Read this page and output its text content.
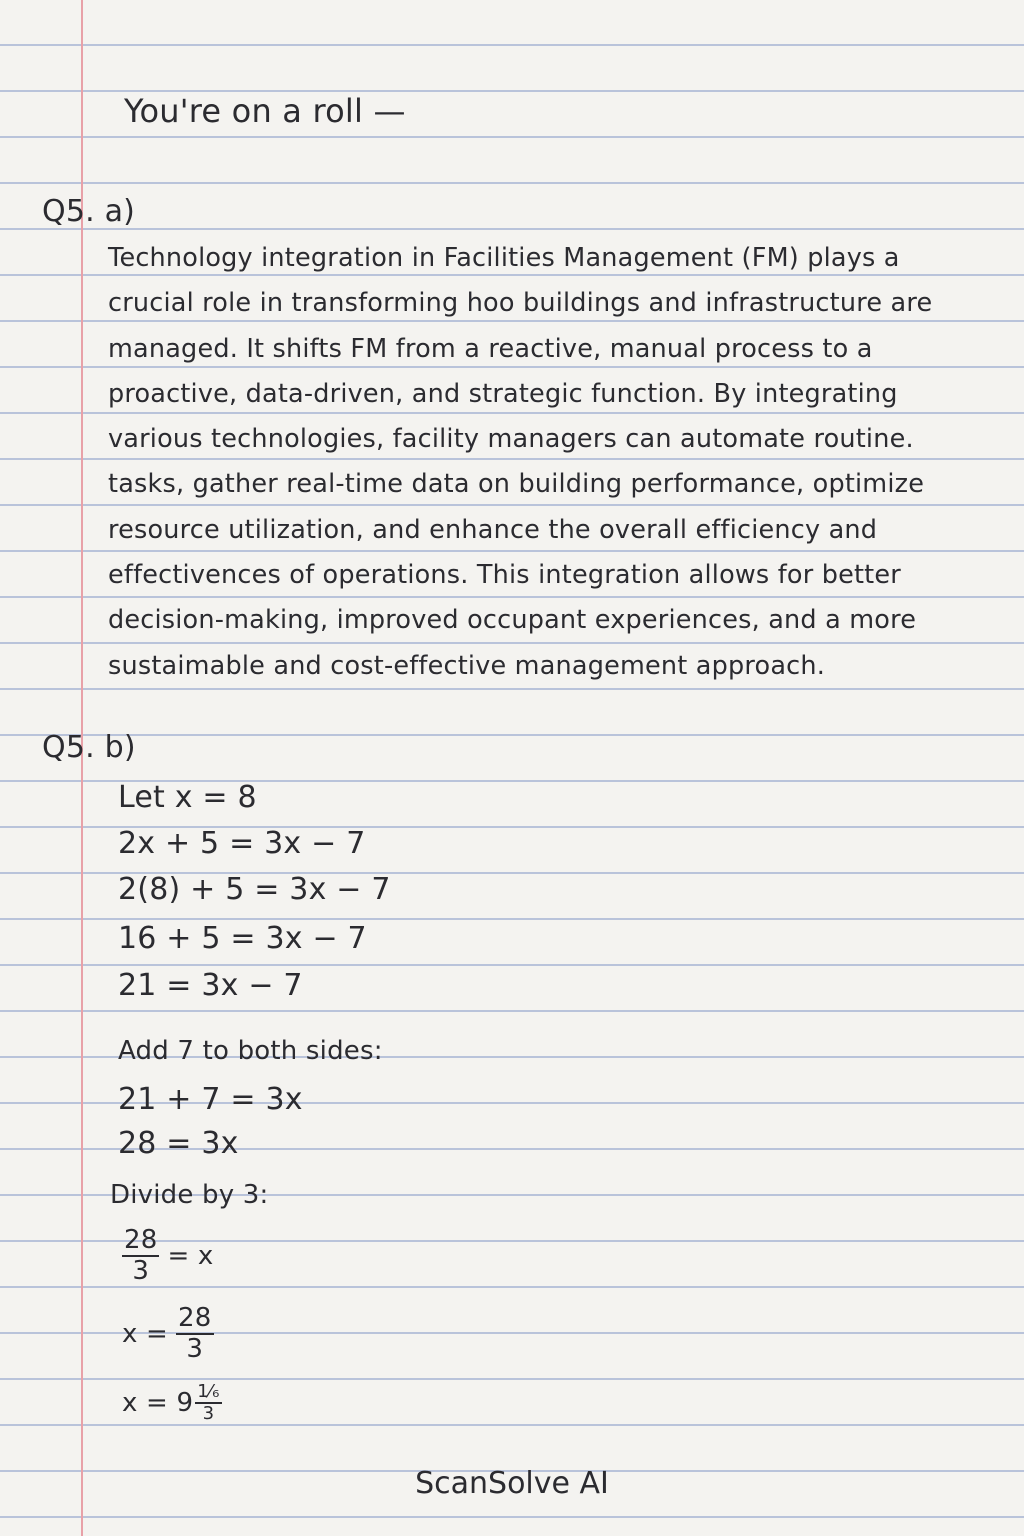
You're on a roll —
Q5. a)
Technology integration in Facilities Management (FM) plays a
crucial role in transforming hoo buildings and infrastructure are
managed. It shifts FM from a reactive, manual process to a
proactive, data-driven, and strategic function. By integrating
various technologies, facility managers can automate routine.
tasks, gather real-time data on building performance, optimize
resource utilization, and enhance the overall efficiency and
effectivences of operations. This integration allows for better
decision-making, improved occupant experiences, and a more
sustaimable and cost-effective management approach.
Q5. b)
Let x = 8
2x + 5 = 3x − 7
2(8) + 5 = 3x − 7
16 + 5 = 3x − 7
21 = 3x − 7
Add 7 to both sides:
21 + 7 = 3x
28 = 3x
Divide by 3:
$\frac{28}{3} = x$
$x = \frac{28}{3}$
$x = 9 \frac{\text{1⁄₆}}{3}$
ScanSolve AI
